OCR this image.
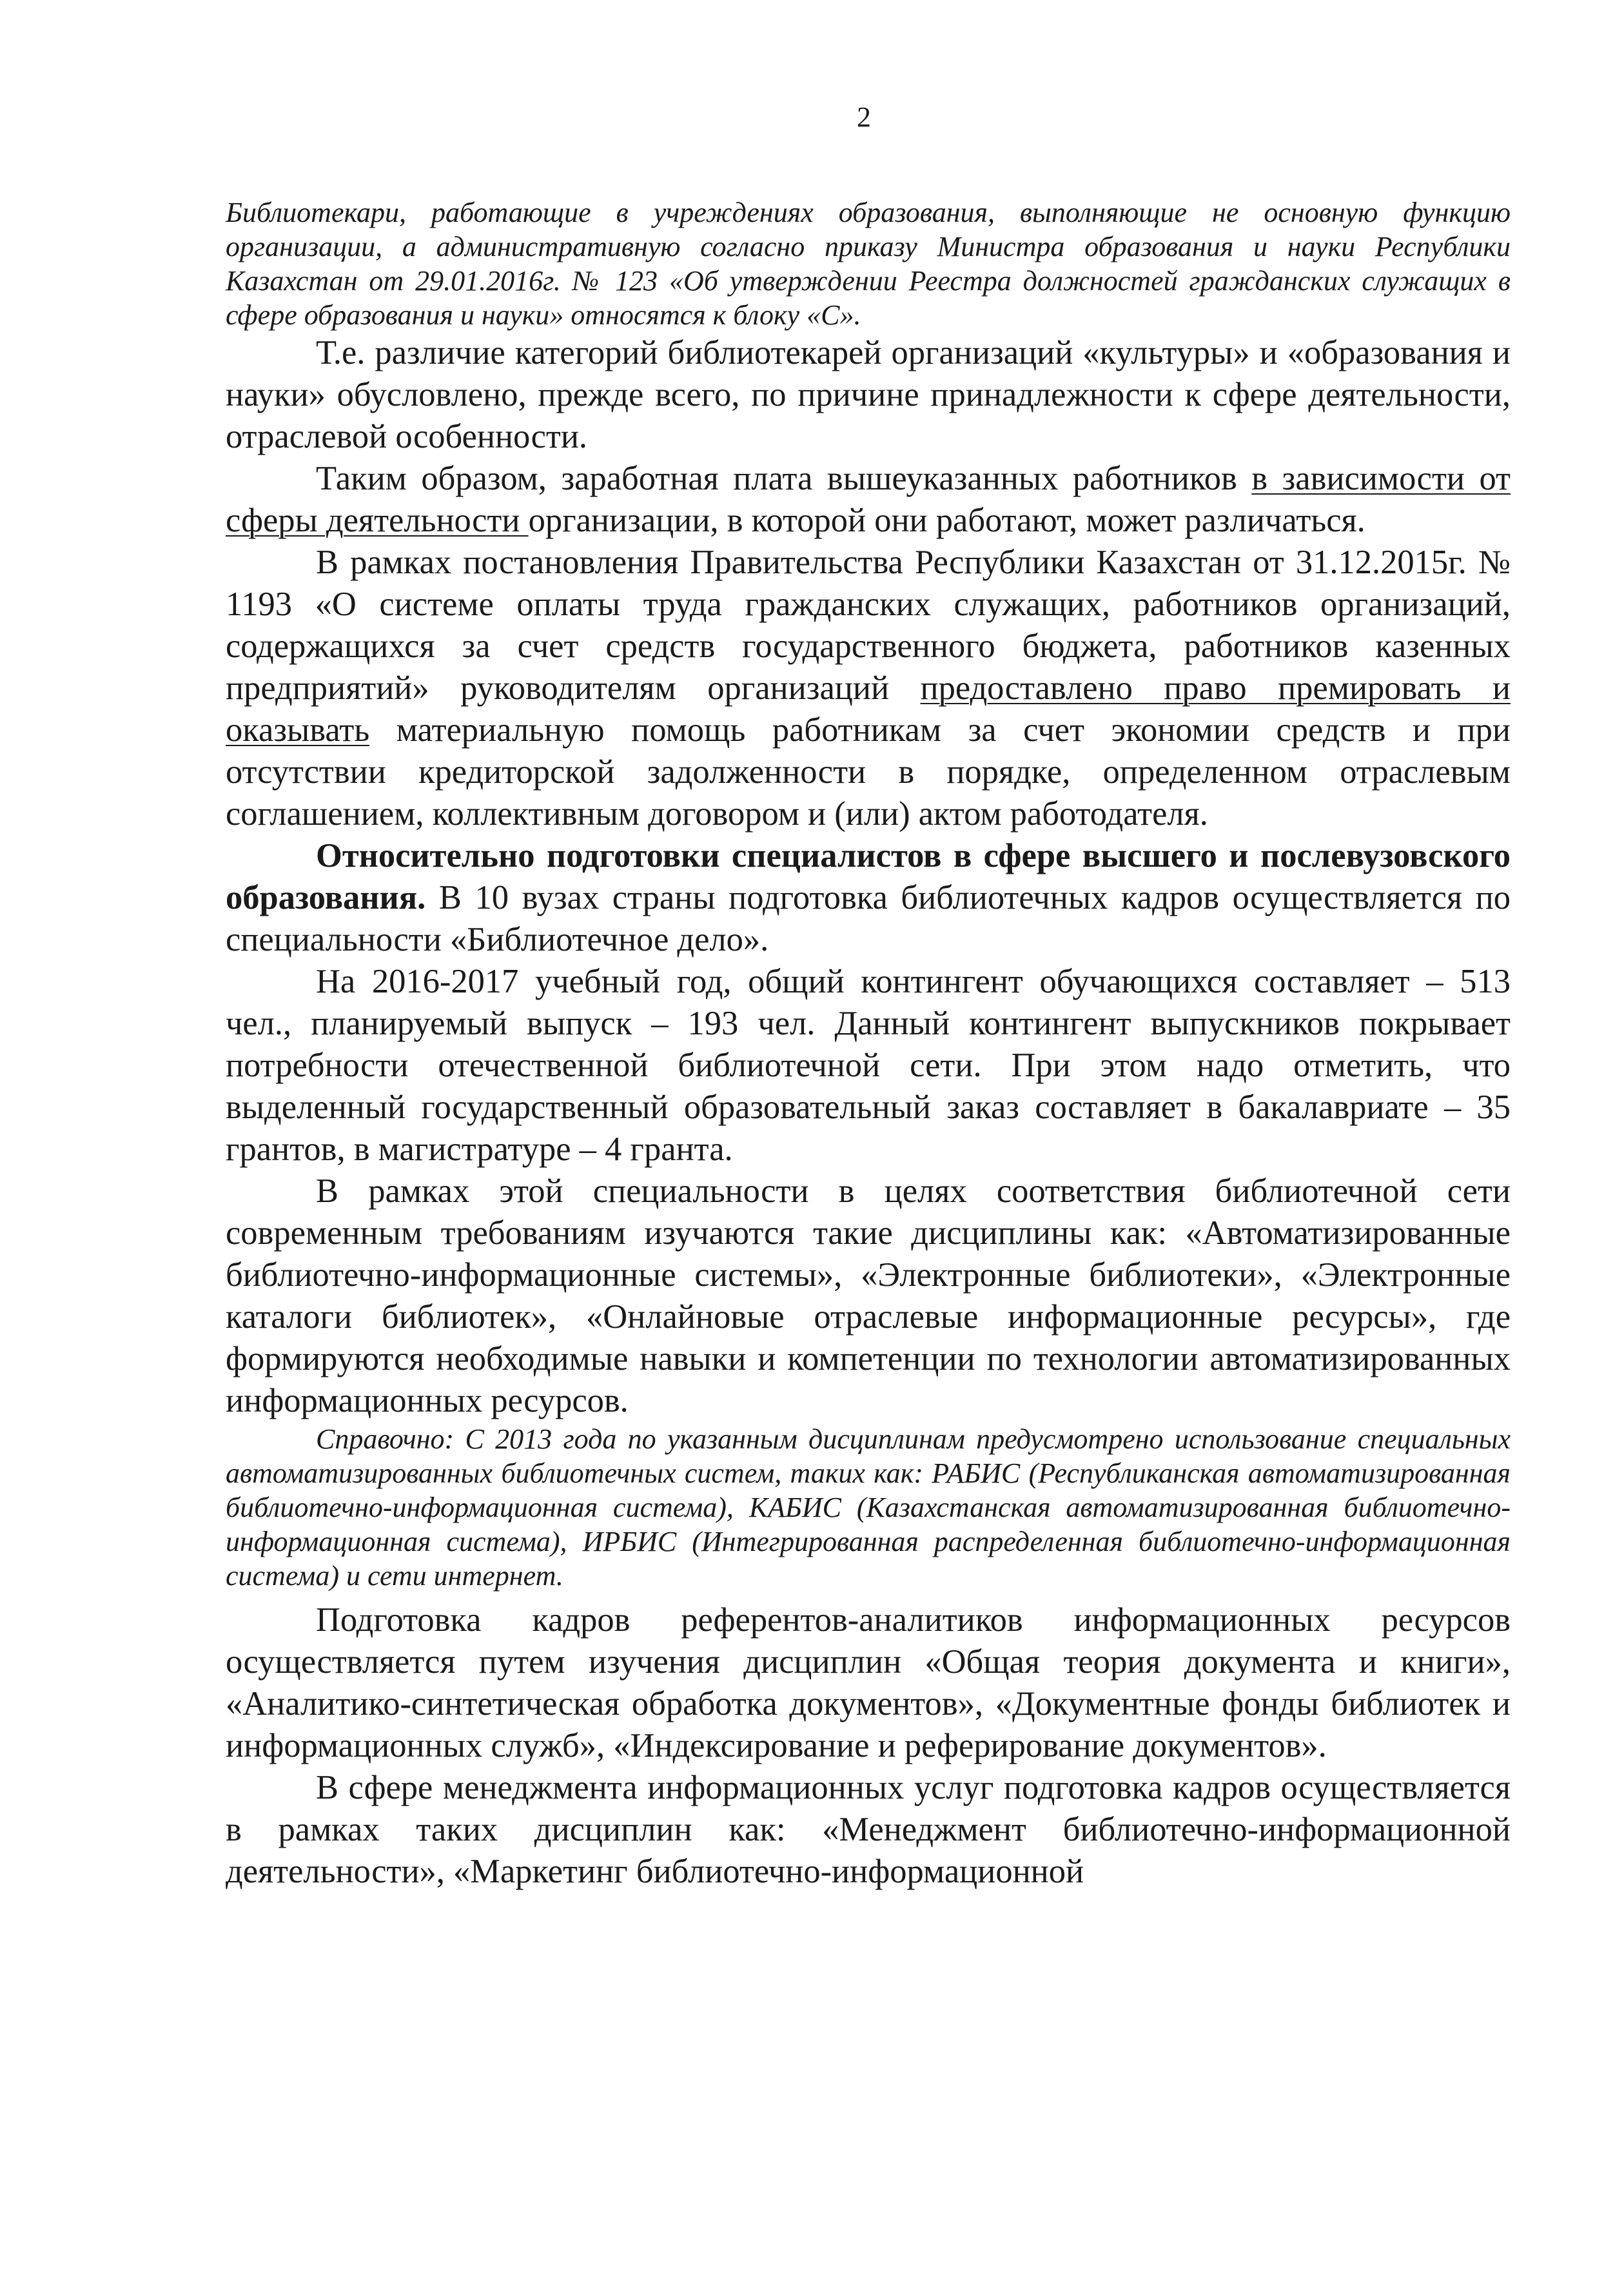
2

Библиотекари, работающие в учреждениях образования, выполняющие не основную функцию организации, а административную согласно приказу Министра образования и науки Республики Казахстан от 29.01.2016г. № 123 «Об утверждении Реестра должностей гражданских служащих в сфере образования и науки» относятся к блоку «С».

Т.е. различие категорий библиотекарей организаций «культуры» и «образования и науки» обусловлено, прежде всего, по причине принадлежности к сфере деятельности, отраслевой особенности.

Таким образом, заработная плата вышеуказанных работников в зависимости от сферы деятельности организации, в которой они работают, может различаться.

В рамках постановления Правительства Республики Казахстан от 31.12.2015г. № 1193 «О системе оплаты труда гражданских служащих, работников организаций, содержащихся за счет средств государственного бюджета, работников казенных предприятий» руководителям организаций предоставлено право премировать и оказывать материальную помощь работникам за счет экономии средств и при отсутствии кредиторской задолженности в порядке, определенном отраслевым соглашением, коллективным договором и (или) актом работодателя.

Относительно подготовки специалистов в сфере высшего и послевузовского образования. В 10 вузах страны подготовка библиотечных кадров осуществляется по специальности «Библиотечное дело».

На 2016-2017 учебный год, общий контингент обучающихся составляет – 513 чел., планируемый выпуск – 193 чел. Данный контингент выпускников покрывает потребности отечественной библиотечной сети. При этом надо отметить, что выделенный государственный образовательный заказ составляет в бакалавриате – 35 грантов, в магистратуре – 4 гранта.

В рамках этой специальности в целях соответствия библиотечной сети современным требованиям изучаются такие дисциплины как: «Автоматизированные библиотечно-информационные системы», «Электронные библиотеки», «Электронные каталоги библиотек», «Онлайновые отраслевые информационные ресурсы», где формируются необходимые навыки и компетенции по технологии автоматизированных информационных ресурсов.

Справочно: С 2013 года по указанным дисциплинам предусмотрено использование специальных автоматизированных библиотечных систем, таких как: РАБИС (Республиканская автоматизированная библиотечно-информационная система), КАБИС (Казахстанская автоматизированная библиотечно-информационная система), ИРБИС (Интегрированная распределенная библиотечно-информационная система) и сети интернет.

Подготовка кадров референтов-аналитиков информационных ресурсов осуществляется путем изучения дисциплин «Общая теория документа и книги», «Аналитико-синтетическая обработка документов», «Документные фонды библиотек и информационных служб», «Индексирование и реферирование документов».

В сфере менеджмента информационных услуг подготовка кадров осуществляется в рамках таких дисциплин как: «Менеджмент библиотечно-информационной деятельности», «Маркетинг библиотечно-информационной
